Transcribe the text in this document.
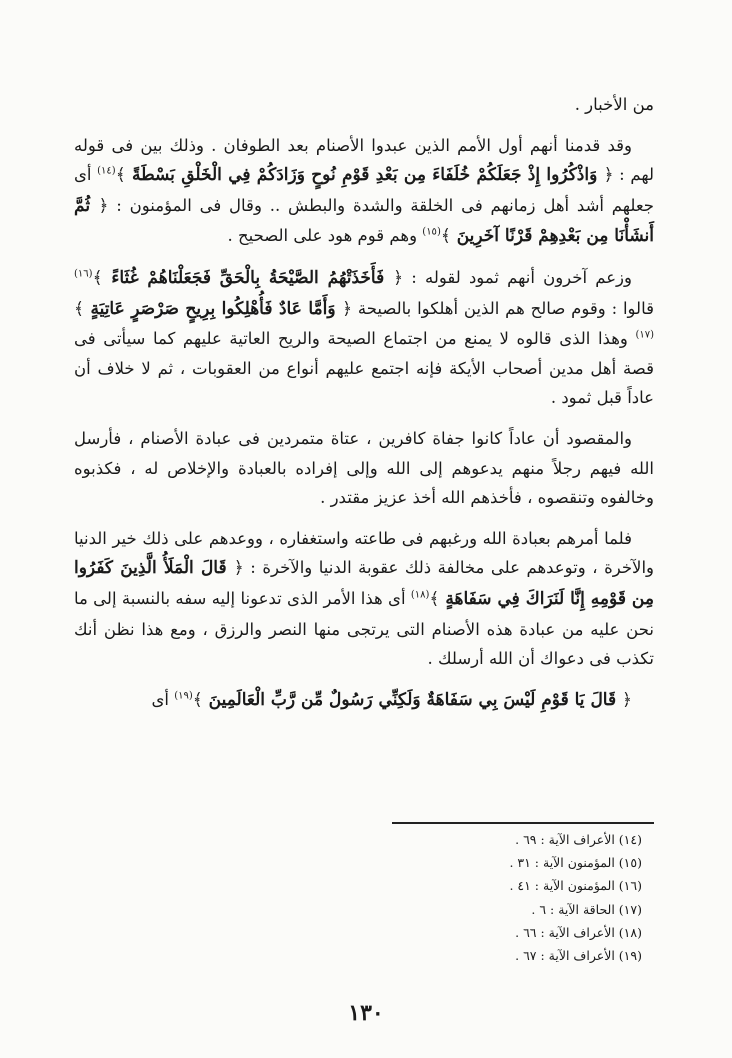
من الأخبار .

وقد قدمنا أنهم أول الأمم الذين عبدوا الأصنام بعد الطوفان . وذلك بين فى قوله لهم : ﴿ وَاذْكُرُوا إِذْ جَعَلَكُمْ خُلَفَاءَ مِن بَعْدِ قَوْمِ نُوحٍ وَزَادَكُمْ فِي الْخَلْقِ بَسْطَةً ﴾$^{(١٤)}$ أى جعلهم أشد أهل زمانهم فى الخلقة والشدة والبطش .. وقال فى المؤمنون : ﴿ ثُمَّ أَنشَأْنَا مِن بَعْدِهِمْ قَرْنًا آخَرِينَ ﴾$^{(١٥)}$ وهم قوم هود على الصحيح .

وزعم آخرون أنهم ثمود لقوله : ﴿ فَأَخَذَتْهُمُ الصَّيْحَةُ بِالْحَقِّ فَجَعَلْنَاهُمْ غُثَاءً ﴾$^{(١٦)}$ قالوا : وقوم صالح هم الذين أهلكوا بالصيحة ﴿ وَأَمَّا عَادٌ فَأُهْلِكُوا بِرِيحٍ صَرْصَرٍ عَاتِيَةٍ ﴾$^{(١٧)}$ وهذا الذى قالوه لا يمنع من اجتماع الصيحة والريح العاتية عليهم كما سيأتى فى قصة أهل مدين أصحاب الأيكة فإنه اجتمع عليهم أنواع من العقوبات ، ثم لا خلاف أن عاداً قبل ثمود .

والمقصود أن عاداً كانوا جفاة كافرين ، عتاة متمردين فى عبادة الأصنام ، فأرسل الله فيهم رجلاً منهم يدعوهم إلى الله وإلى إفراده بالعبادة والإخلاص له ، فكذبوه وخالفوه وتنقصوه ، فأخذهم الله أخذ عزيز مقتدر .

فلما أمرهم بعبادة الله ورغبهم فى طاعته واستغفاره ، ووعدهم على ذلك خير الدنيا والآخرة ، وتوعدهم على مخالفة ذلك عقوبة الدنيا والآخرة : ﴿ قَالَ الْمَلَأُ الَّذِينَ كَفَرُوا مِن قَوْمِهِ إِنَّا لَنَرَاكَ فِي سَفَاهَةٍ ﴾$^{(١٨)}$ أى هذا الأمر الذى تدعونا إليه سفه بالنسبة إلى ما نحن عليه من عبادة هذه الأصنام التى يرتجى منها النصر والرزق ، ومع هذا نظن أنك تكذب فى دعواك أن الله أرسلك .

﴿ قَالَ يَا قَوْمِ لَيْسَ بِي سَفَاهَةٌ وَلَكِنِّي رَسُولٌ مِّن رَّبِّ الْعَالَمِينَ ﴾$^{(١٩)}$ أى

(١٤) الأعراف الآية : ٦٩ .
(١٥) المؤمنون الآية : ٣١ .
(١٦) المؤمنون الآية : ٤١ .
(١٧) الحاقة الآية : ٦ .
(١٨) الأعراف الآية : ٦٦ .
(١٩) الأعراف الآية : ٦٧ .
١٣٠
